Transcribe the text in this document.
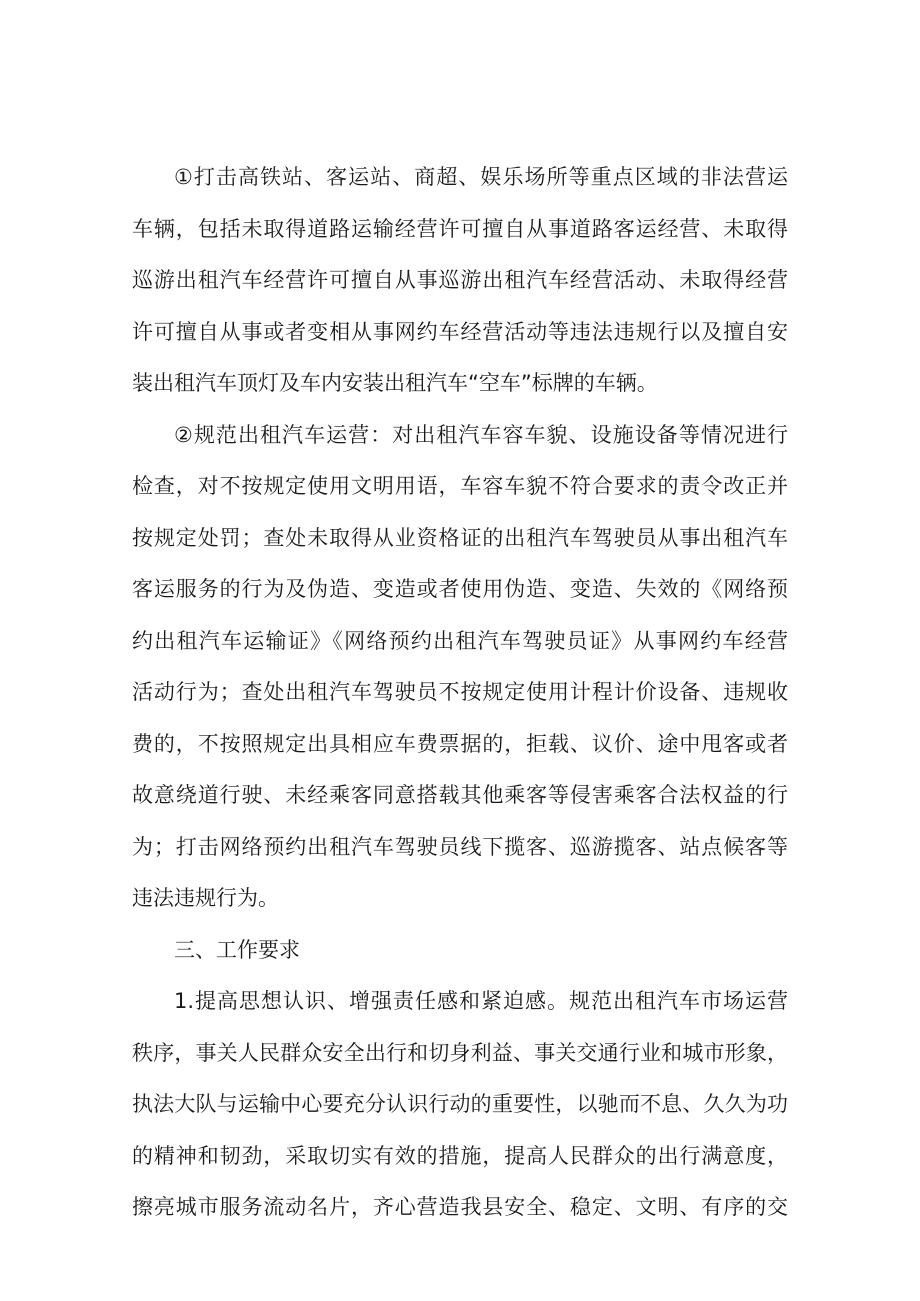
①打击高铁站、客运站、商超、娱乐场所等重点区域的非法营运
车辆，包括未取得道路运输经营许可擅自从事道路客运经营、未取得
巡游出租汽车经营许可擅自从事巡游出租汽车经营活动、未取得经营
许可擅自从事或者变相从事网约车经营活动等违法违规行以及擅自安
装出租汽车顶灯及车内安装出租汽车“空车”标牌的车辆。
②规范出租汽车运营：对出租汽车容车貌、设施设备等情况进行
检查，对不按规定使用文明用语，车容车貌不符合要求的责令改正并
按规定处罚；查处未取得从业资格证的出租汽车驾驶员从事出租汽车
客运服务的行为及伪造、变造或者使用伪造、变造、失效的《网络预
约出租汽车运输证》《网络预约出租汽车驾驶员证》从事网约车经营
活动行为；查处出租汽车驾驶员不按规定使用计程计价设备、违规收
费的，不按照规定出具相应车费票据的，拒载、议价、途中甩客或者
故意绕道行驶、未经乘客同意搭载其他乘客等侵害乘客合法权益的行
为；打击网络预约出租汽车驾驶员线下揽客、巡游揽客、站点候客等
违法违规行为。
三、工作要求
1.提高思想认识、增强责任感和紧迫感。规范出租汽车市场运营
秩序，事关人民群众安全出行和切身利益、事关交通行业和城市形象，
执法大队与运输中心要充分认识行动的重要性，以驰而不息、久久为功
的精神和韧劲，采取切实有效的措施，提高人民群众的出行满意度，
擦亮城市服务流动名片，齐心营造我县安全、稳定、文明、有序的交
